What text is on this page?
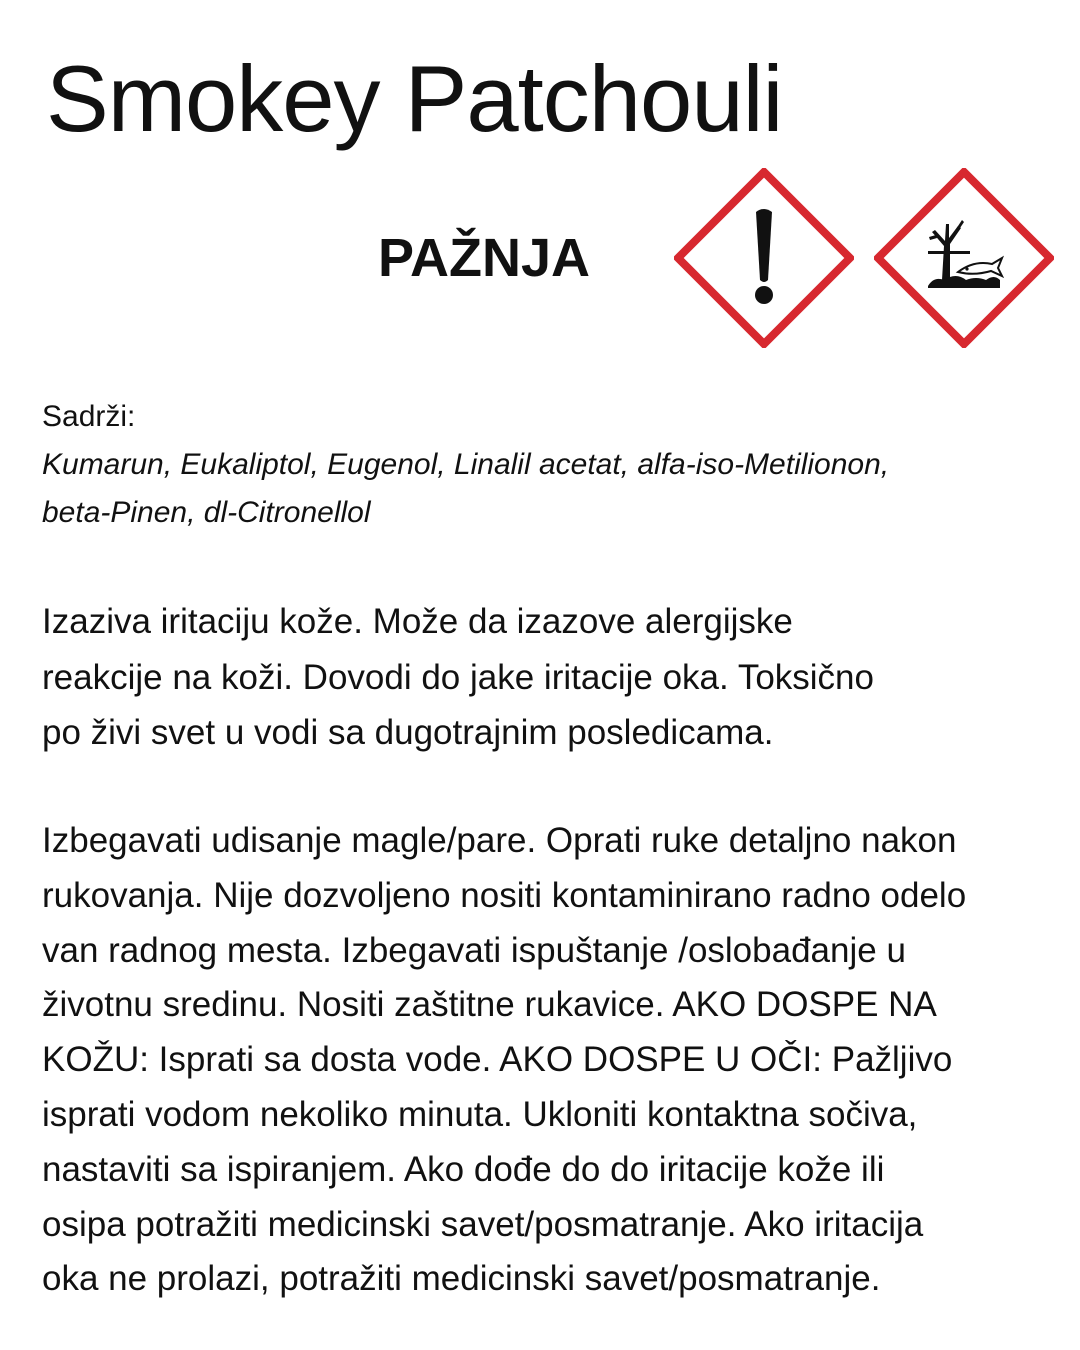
Smokey Patchouli
PAŽNJA
Sadrži:
Kumarun, Eukaliptol, Eugenol, Linalil acetat, alfa-iso-Metilionon,
beta-Pinen, dl-Citronellol

Izaziva iritaciju kože. Može da izazove alergijske
reakcije na koži. Dovodi do jake iritacije oka. Toksično
po živi svet u vodi sa dugotrajnim posledicama.

Izbegavati udisanje magle/pare. Oprati ruke detaljno nakon
rukovanja. Nije dozvoljeno nositi kontaminirano radno odelo
van radnog mesta. Izbegavati ispuštanje /oslobađanje u
životnu sredinu. Nositi zaštitne rukavice. AKO DOSPE NA
KOŽU: Isprati sa dosta vode. AKO DOSPE U OČI: Pažljivo
isprati vodom nekoliko minuta. Ukloniti kontaktna sočiva,
nastaviti sa ispiranjem. Ako dođe do do iritacije kože ili
osipa potražiti medicinski savet/posmatranje. Ako iritacija
oka ne prolazi, potražiti medicinski savet/posmatranje.
